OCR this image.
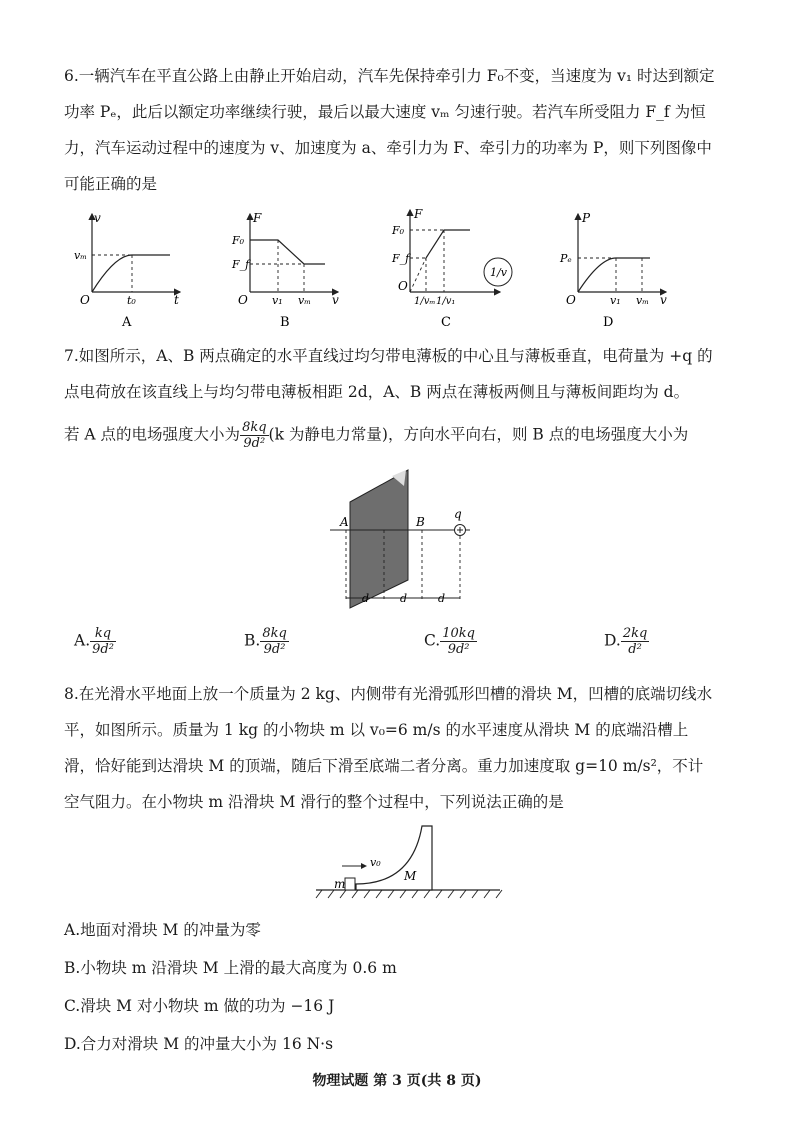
6.一辆汽车在平直公路上由静止开始启动，汽车先保持牵引力 F₀不变，当速度为 v₁ 时达到额定
功率 Pₑ，此后以额定功率继续行驶，最后以最大速度 vₘ 匀速行驶。若汽车所受阻力 F_f 为恒
力，汽车运动过程中的速度为 v、加速度为 a、牵引力为 F、牵引力的功率为 P，则下列图像中
可能正确的是
v
t
vₘ
t₀
O
A
F
v
F₀
F_f
v₁ vₘ
O
B
F
1/v
F₀
F_f
1/vₘ 1/v₁
O
C
P
v
Pₑ
v₁ vₘ
O
D
7.如图所示，A、B 两点确定的水平直线过均匀带电薄板的中心且与薄板垂直，电荷量为 +q 的
点电荷放在该直线上与均匀带电薄板相距 2d，A、B 两点在薄板两侧且与薄板间距均为 d。
若 A 点的电场强度大小为 $\frac{8kq}{\text{9d²}} (k$ 为静电力常量)，方向水平向右，则 B 点的电场强度大小为
A	B
q
d	d	d
A. $\frac{kq}{\text{9d²}}$	B. $\frac{8kq}{\text{9d²}}$	C. $\frac{10kq}{\text{9d²}}$	D. $\frac{2kq}{\text{d²}}$
8.在光滑水平地面上放一个质量为 2 kg、内侧带有光滑弧形凹槽的滑块 M，凹槽的底端切线水
平，如图所示。质量为 1 kg 的小物块 m 以 v₀=6 m/s 的水平速度从滑块 M 的底端沿槽上
滑，恰好能到达滑块 M 的顶端，随后下滑至底端二者分离。重力加速度取 g=10 m/s²，不计
空气阻力。在小物块 m 沿滑块 M 滑行的整个过程中，下列说法正确的是
m
v₀
M
A.地面对滑块 M 的冲量为零
B.小物块 m 沿滑块 M 上滑的最大高度为 0.6 m
C.滑块 M 对小物块 m 做的功为 −16 J
D.合力对滑块 M 的冲量大小为 16 N·s
物理试题 第 3 页(共 8 页)
